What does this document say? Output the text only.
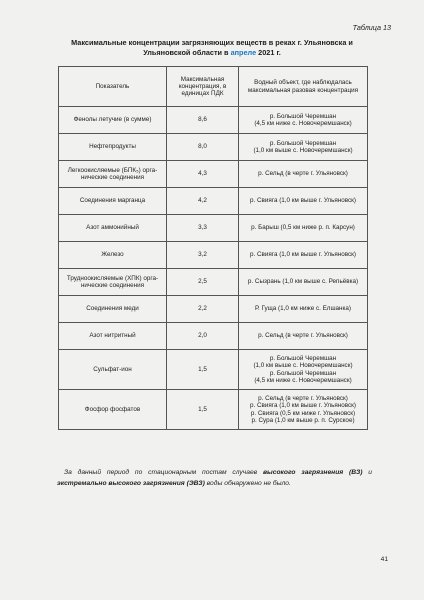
Таблица 13
Максимальные концентрации загрязняющих веществ в реках г. Ульяновска и
Ульяновской области в апреле 2021 г.
Показатель	Максимальная концентрация, в единицах ПДК	Водный объект, где наблюдалась максимальная разовая концентрация
Фенолы летучие (в сумме)	8,6	р. Большой Черемшан
(4,5 км ниже с. Новочеремшанск)
Нефтепродукты	8,0	р. Большой Черемшан
(1,0 км выше с. Новочеремшанск)
Легкоокисляемые (БПК₅) орга-
нические соединения	4,3	р. Сельд (в черте г. Ульяновск)
Соединения марганца	4,2	р. Свияга (1,0 км выше г. Ульяновск)
Азот аммонийный	3,3	р. Барыш (0,5 км ниже р. п. Карсун)
Железо	3,2	р. Свияга (1,0 км выше г. Ульяновск)
Трудноокисляемые (ХПК) орга-
нические соединения	2,5	р. Сызрань (1,0 км выше с. Репьёвка)
Соединения меди	2,2	Р. Гуща (1,0 км ниже с. Елшанка)
Азот нитритный	2,0	р. Сельд (в черте г. Ульяновск)
Сульфат-ион	1,5	р. Большой Черемшан
(1,0 км выше с. Новочеремшанск)
р. Большой Черемшан
(4,5 км ниже с. Новочеремшанск)
Фосфор фосфатов	1,5	р. Сельд (в черте г. Ульяновск)
р. Свияга (1,0 км выше г. Ульяновск)
р. Свияга (0,5 км ниже г. Ульяновск)
р. Сура (1,0 км выше р. п. Сурское)
За данный период по стационарным постам случаев высокого загрязнения (ВЗ) и экстремально высокого загрязнения (ЭВЗ) воды обнаружено не было.
41
